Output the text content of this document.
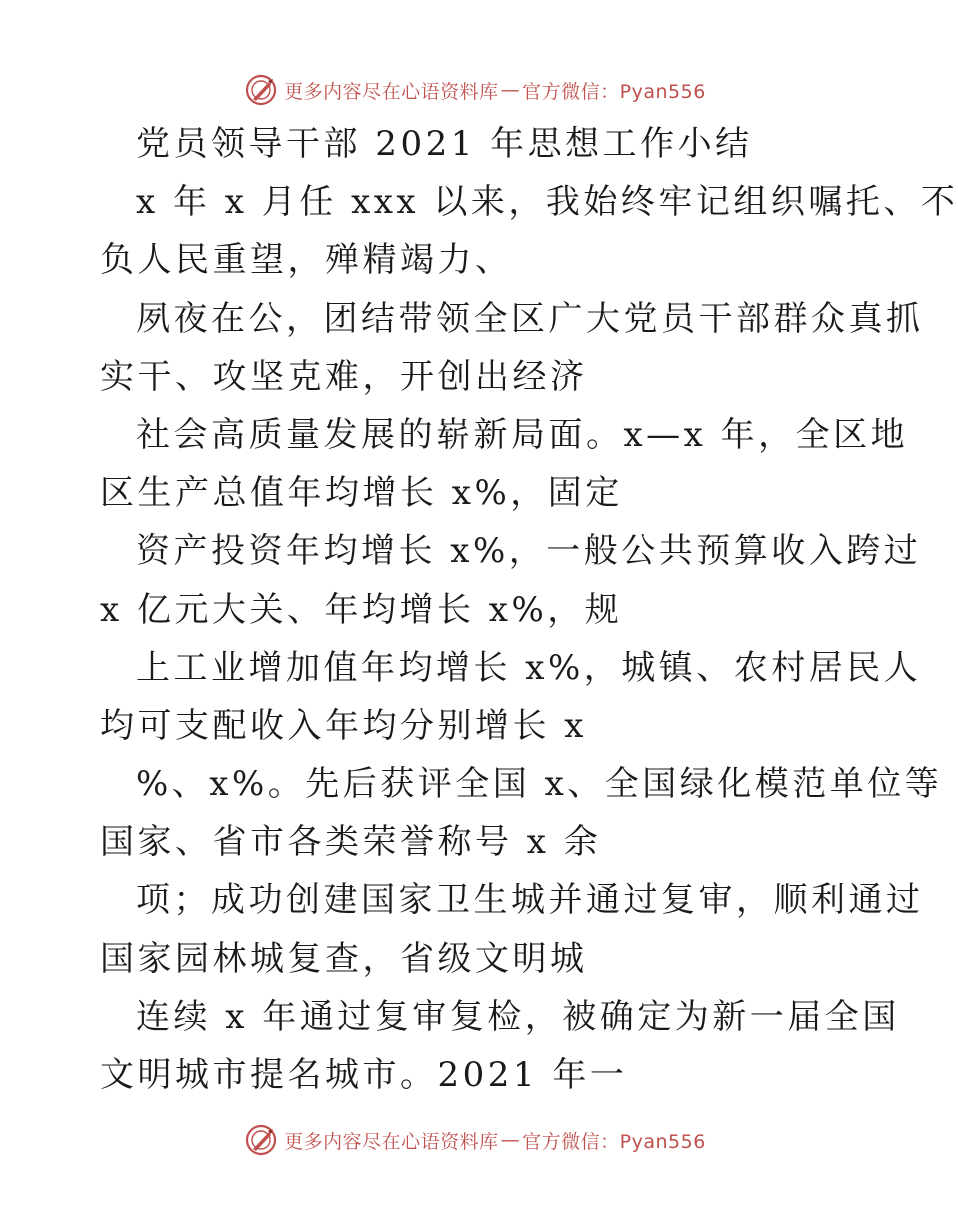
更多内容尽在心语资料库 — 官方微信：Pyan556
党员领导干部 2021 年思想工作小结
x 年 x 月任 xxx 以来，我始终牢记组织嘱托、不
负人民重望，殚精竭力、
夙夜在公，团结带领全区广大党员干部群众真抓
实干、攻坚克难，开创出经济
社会高质量发展的崭新局面。x—x 年，全区地
区生产总值年均增长 x%，固定
资产投资年均增长 x%，一般公共预算收入跨过
x 亿元大关、年均增长 x%，规
上工业增加值年均增长 x%，城镇、农村居民人
均可支配收入年均分别增长 x
%、x%。先后获评全国 x、全国绿化模范单位等
国家、省市各类荣誉称号 x 余
项；成功创建国家卫生城并通过复审，顺利通过
国家园林城复查，省级文明城
连续 x 年通过复审复检，被确定为新一届全国
文明城市提名城市。2021 年一
更多内容尽在心语资料库 — 官方微信：Pyan556
